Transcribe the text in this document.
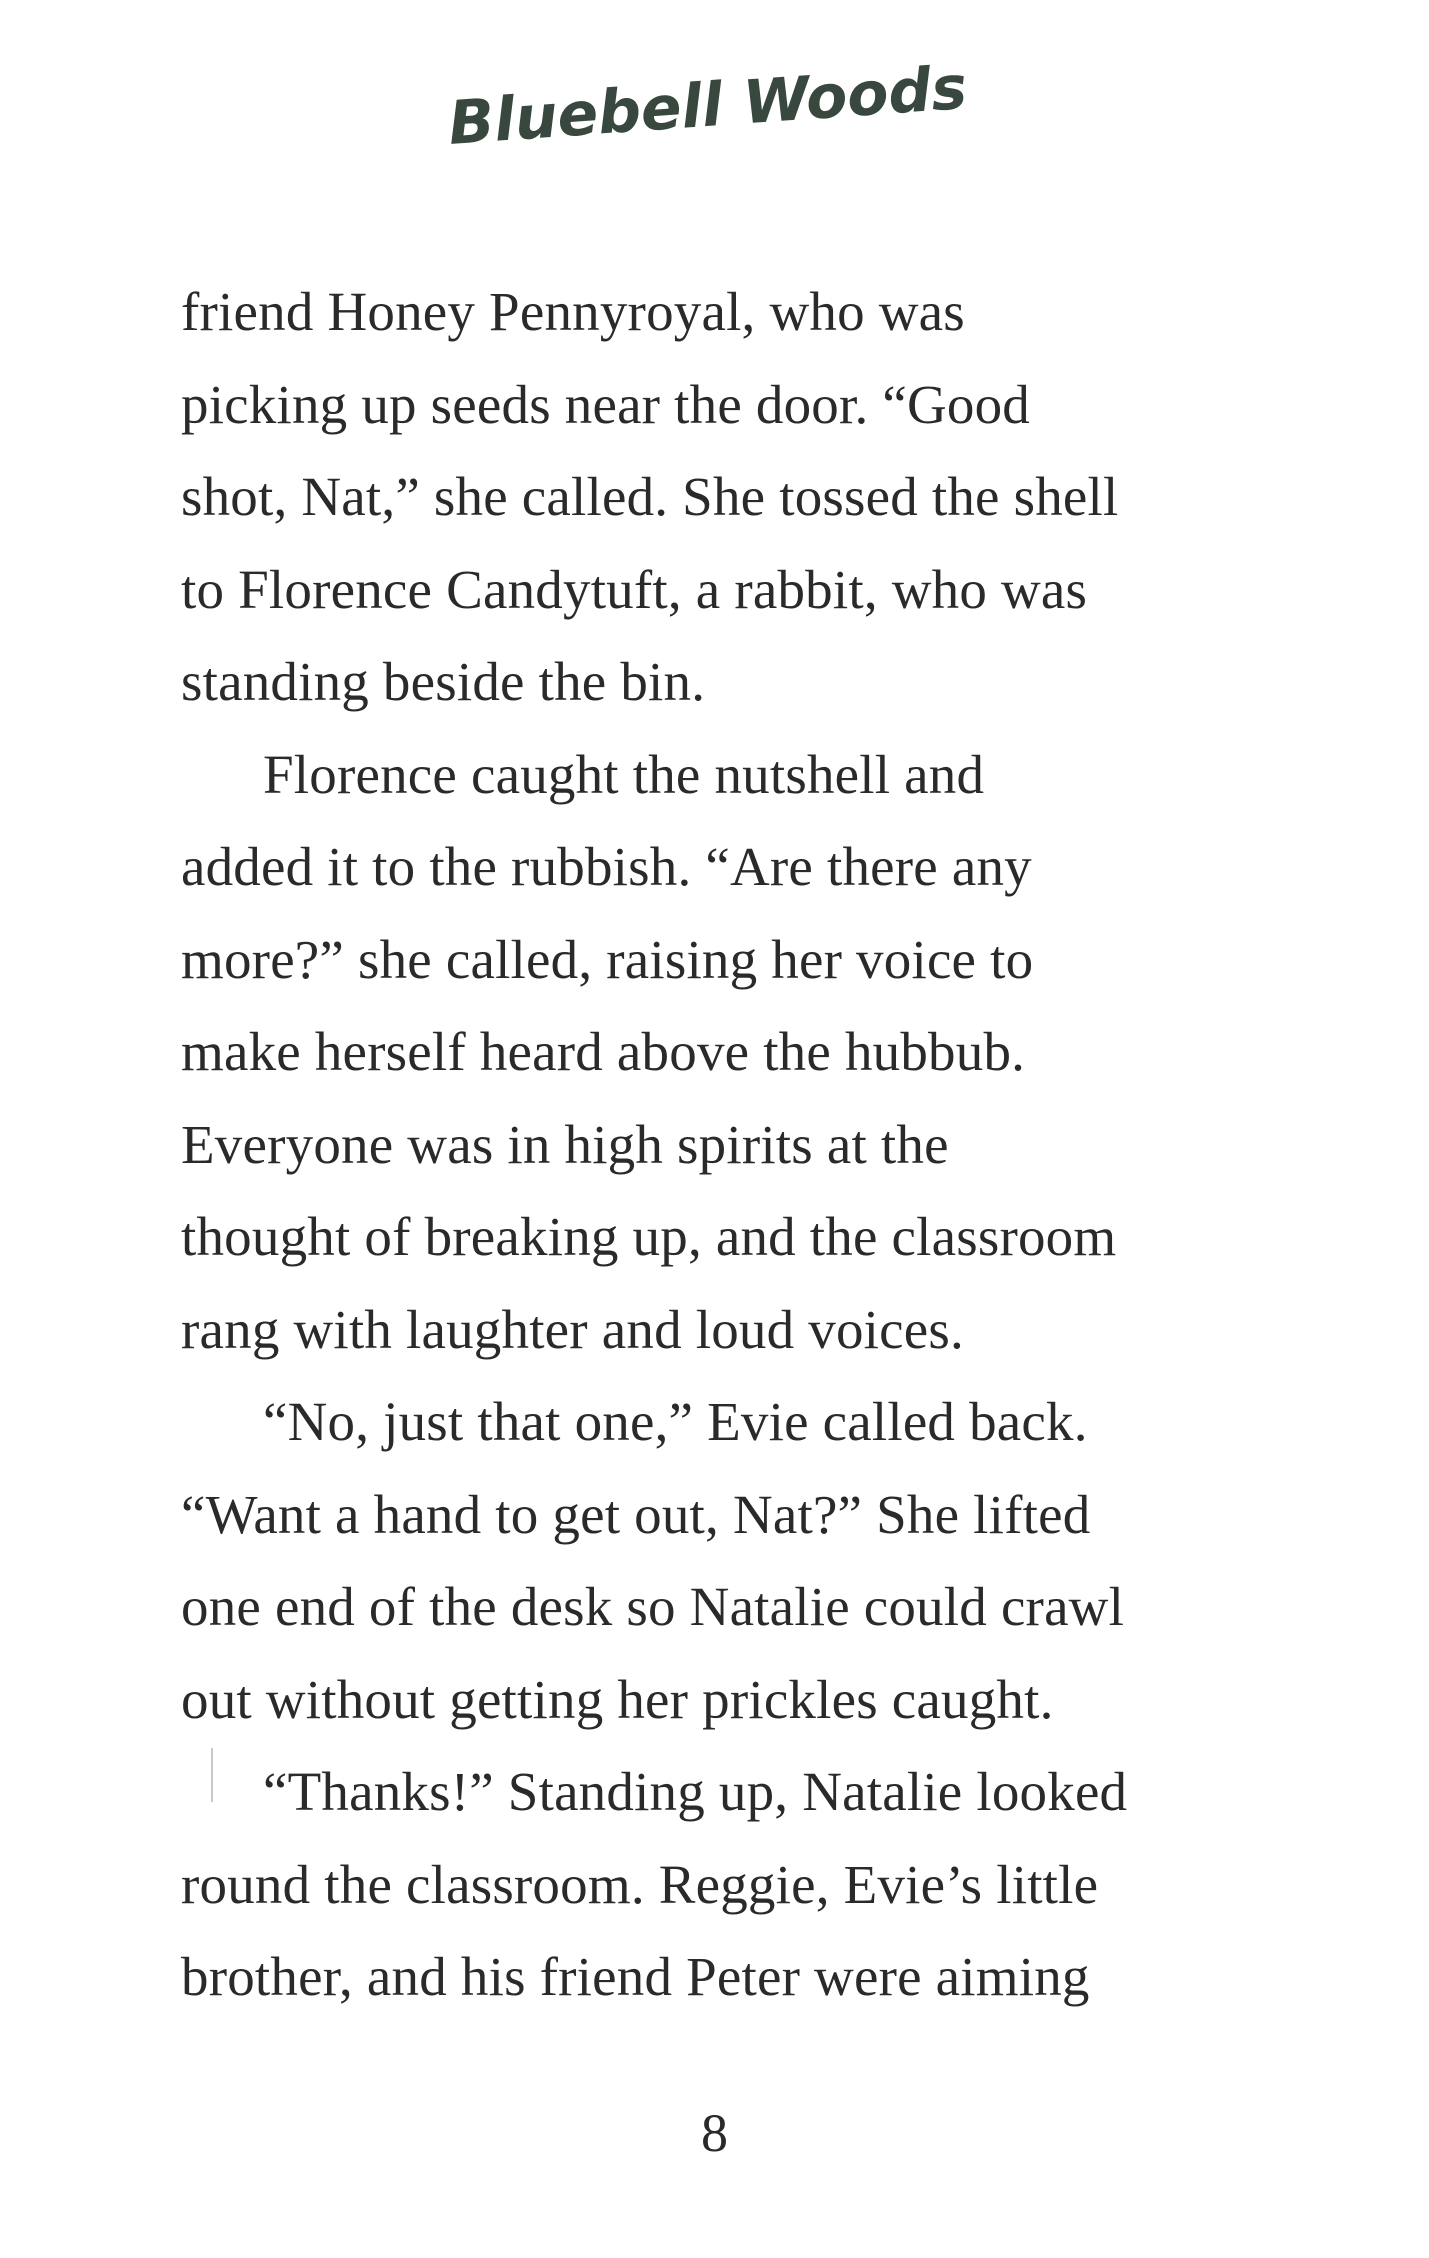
Bluebell Woods

friend Honey Pennyroyal, who was
picking up seeds near the door. “Good
shot, Nat,” she called. She tossed the shell
to Florence Candytuft, a rabbit, who was
standing beside the bin.

Florence caught the nutshell and
added it to the rubbish. “Are there any
more?” she called, raising her voice to
make herself heard above the hubbub.
Everyone was in high spirits at the
thought of breaking up, and the classroom
rang with laughter and loud voices.

“No, just that one,” Evie called back.
“Want a hand to get out, Nat?” She lifted
one end of the desk so Natalie could crawl
out without getting her prickles caught.

“Thanks!” Standing up, Natalie looked
round the classroom. Reggie, Evie’s little
brother, and his friend Peter were aiming

8
